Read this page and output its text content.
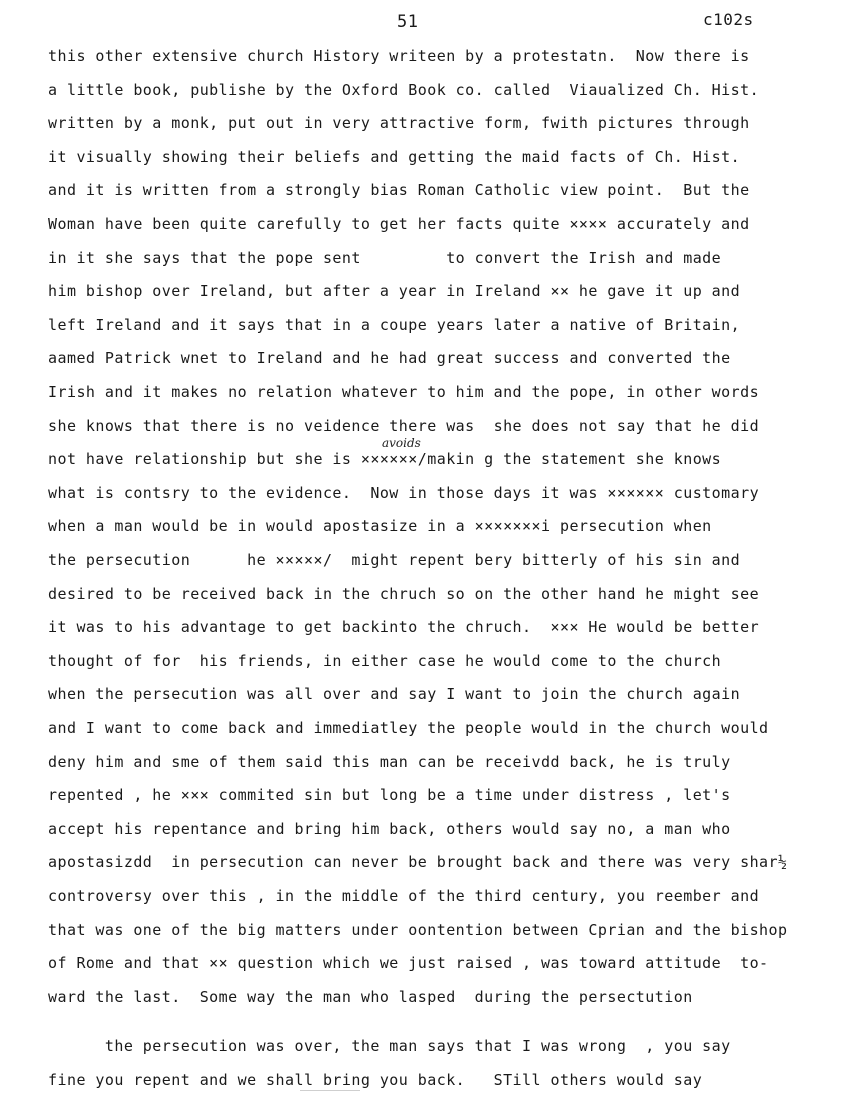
51	c102s
avoids
this other extensive church History writeen by a protestatn.  Now there is
a little book, publishe by the Oxford Book co. called  Viaualized Ch. Hist.
written by a monk, put out in very attractive form, fwith pictures through
it visually showing their beliefs and getting the maid facts of Ch. Hist.
and it is written from a strongly bias Roman Catholic view point.  But the
Woman have been quite carefully to get her facts quite ×××× accurately and
in it she says that the pope sent         to convert the Irish and made
him bishop over Ireland, but after a year in Ireland ×× he gave it up and
left Ireland and it says that in a coupe years later a native of Britain,
aamed Patrick wnet to Ireland and he had great success and converted the
Irish and it makes no relation whatever to him and the pope, in other words
she knows that there is no veidence there was  she does not say that he did
not have relationship but she is ××××××/makin g the statement she knows
what is contsry to the evidence.  Now in those days it was ×××××× customary
when a man would be in would apostasize in a ×××××××i persecution when
the persecution      he ×××××/  might repent bery bitterly of his sin and
desired to be received back in the chruch so on the other hand he might see
it was to his advantage to get backinto the chruch.  ××× He would be better
thought of for  his friends, in either case he would come to the church
when the persecution was all over and say I want to join the church again
and I want to come back and immediatley the people would in the church would
deny him and sme of them said this man can be receivdd back, he is truly
repented , he ××× commited sin but long be a time under distress , let's
accept his repentance and bring him back, others would say no, a man who
apostasizdd  in persecution can never be brought back and there was very shar½
controversy over this , in the middle of the third century, you reember and
that was one of the big matters under oontention between Cprian and the bishop
of Rome and that ×× question which we just raised , was toward attitude  to-
ward the last.  Some way the man who lasped  during the persectution
the persecution was over, the man says that I was wrong  , you say
fine you repent and we shall bring you back.   STill others would say
